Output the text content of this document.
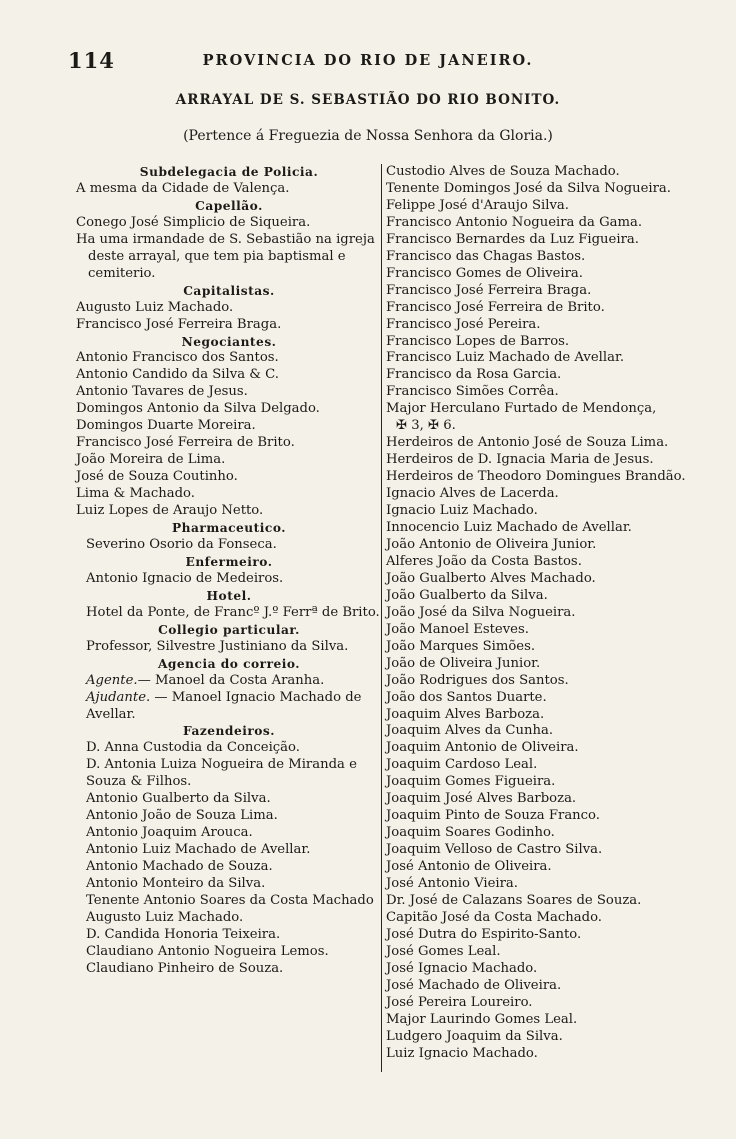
114	PROVINCIA DO RIO DE JANEIRO.
ARRAYAL DE S. SEBASTIÃO DO RIO BONITO.
(Pertence á Freguezia de Nossa Senhora da Gloria.)
Subdelegacia de Policia.
A mesma da Cidade de Valença.
Capellão.
Conego José Simplicio de Siqueira.
Ha uma irmandade de S. Sebastião na igreja deste arrayal, que tem pia baptismal e cemiterio.
Capitalistas.
Augusto Luiz Machado.
Francisco José Ferreira Braga.
Negociantes.
Antonio Francisco dos Santos.
Antonio Candido da Silva & C.
Antonio Tavares de Jesus.
Domingos Antonio da Silva Delgado.
Domingos Duarte Moreira.
Francisco José Ferreira de Brito.
João Moreira de Lima.
José de Souza Coutinho.
Lima & Machado.
Luiz Lopes de Araujo Netto.
Pharmaceutico.
Severino Osorio da Fonseca.
Enfermeiro.
Antonio Ignacio de Medeiros.
Hotel.
Hotel da Ponte, de Francº J.º Ferrª de Brito.
Collegio particular.
Professor, Silvestre Justiniano da Silva.
Agencia do correio.
Agente.— Manoel da Costa Aranha.
Ajudante. — Manoel Ignacio Machado de Avellar.
Fazendeiros.
D. Anna Custodia da Conceição.
D. Antonia Luiza Nogueira de Miranda e Souza & Filhos.
Antonio Gualberto da Silva.
Antonio João de Souza Lima.
Antonio Joaquim Arouca.
Antonio Luiz Machado de Avellar.
Antonio Machado de Souza.
Antonio Monteiro da Silva.
Tenente Antonio Soares da Costa Machado
Augusto Luiz Machado.
D. Candida Honoria Teixeira.
Claudiano Antonio Nogueira Lemos.
Claudiano Pinheiro de Souza.
Custodio Alves de Souza Machado.
Tenente Domingos José da Silva Nogueira.
Felippe José d'Araujo Silva.
Francisco Antonio Nogueira da Gama.
Francisco Bernardes da Luz Figueira.
Francisco das Chagas Bastos.
Francisco Gomes de Oliveira.
Francisco José Ferreira Braga.
Francisco José Ferreira de Brito.
Francisco José Pereira.
Francisco Lopes de Barros.
Francisco Luiz Machado de Avellar.
Francisco da Rosa Garcia.
Francisco Simões Corrêa.
Major Herculano Furtado de Mendonça,
✠ 3, ✠ 6.
Herdeiros de Antonio José de Souza Lima.
Herdeiros de D. Ignacia Maria de Jesus.
Herdeiros de Theodoro Domingues Brandão.
Ignacio Alves de Lacerda.
Ignacio Luiz Machado.
Innocencio Luiz Machado de Avellar.
João Antonio de Oliveira Junior.
Alferes João da Costa Bastos.
João Gualberto Alves Machado.
João Gualberto da Silva.
João José da Silva Nogueira.
João Manoel Esteves.
João Marques Simões.
João de Oliveira Junior.
João Rodrigues dos Santos.
João dos Santos Duarte.
Joaquim Alves Barboza.
Joaquim Alves da Cunha.
Joaquim Antonio de Oliveira.
Joaquim Cardoso Leal.
Joaquim Gomes Figueira.
Joaquim José Alves Barboza.
Joaquim Pinto de Souza Franco.
Joaquim Soares Godinho.
Joaquim Velloso de Castro Silva.
José Antonio de Oliveira.
José Antonio Vieira.
Dr. José de Calazans Soares de Souza.
Capitão José da Costa Machado.
José Dutra do Espirito-Santo.
José Gomes Leal.
José Ignacio Machado.
José Machado de Oliveira.
José Pereira Loureiro.
Major Laurindo Gomes Leal.
Ludgero Joaquim da Silva.
Luiz Ignacio Machado.
